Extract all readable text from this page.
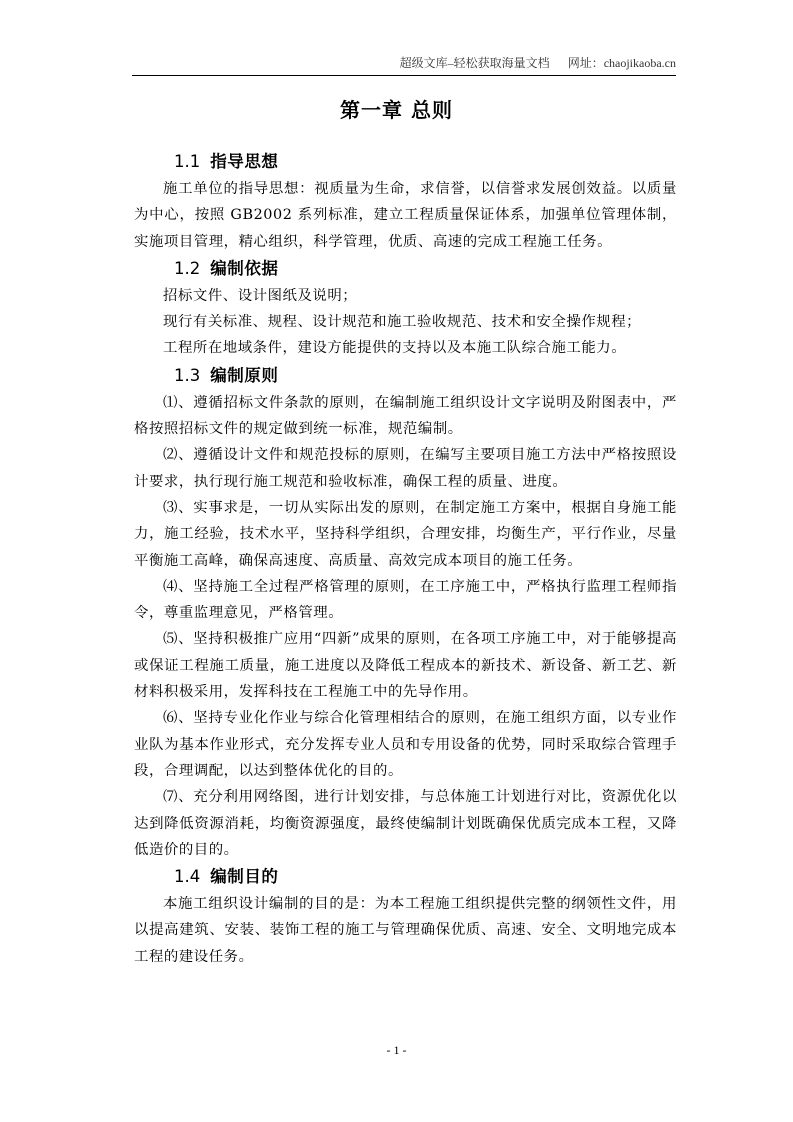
超级文库–轻松获取海量文档 网址：chaojikaoba.cn
第一章 总则
1.1 指导思想

施工单位的指导思想：视质量为生命，求信誉，以信誉求发展创效益。以质量为中心，按照 GB2002 系列标准，建立工程质量保证体系，加强单位管理体制，实施项目管理，精心组织，科学管理，优质、高速的完成工程施工任务。

1.2 编制依据

招标文件、设计图纸及说明；

现行有关标准、规程、设计规范和施工验收规范、技术和安全操作规程；

工程所在地域条件，建设方能提供的支持以及本施工队综合施工能力。

1.3 编制原则

⑴、遵循招标文件条款的原则，在编制施工组织设计文字说明及附图表中，严格按照招标文件的规定做到统一标准，规范编制。

⑵、遵循设计文件和规范投标的原则，在编写主要项目施工方法中严格按照设计要求，执行现行施工规范和验收标准，确保工程的质量、进度。

⑶、实事求是，一切从实际出发的原则，在制定施工方案中，根据自身施工能力，施工经验，技术水平，坚持科学组织，合理安排，均衡生产，平行作业，尽量平衡施工高峰，确保高速度、高质量、高效完成本项目的施工任务。

⑷、坚持施工全过程严格管理的原则，在工序施工中，严格执行监理工程师指令，尊重监理意见，严格管理。

⑸、坚持积极推广应用“四新”成果的原则，在各项工序施工中，对于能够提高或保证工程施工质量，施工进度以及降低工程成本的新技术、新设备、新工艺、新材料积极采用，发挥科技在工程施工中的先导作用。

⑹、坚持专业化作业与综合化管理相结合的原则，在施工组织方面，以专业作业队为基本作业形式，充分发挥专业人员和专用设备的优势，同时采取综合管理手段，合理调配，以达到整体优化的目的。

⑺、充分利用网络图，进行计划安排，与总体施工计划进行对比，资源优化以达到降低资源消耗，均衡资源强度，最终使编制计划既确保优质完成本工程，又降低造价的目的。

1.4 编制目的

本施工组织设计编制的目的是：为本工程施工组织提供完整的纲领性文件，用以提高建筑、安装、装饰工程的施工与管理确保优质、高速、安全、文明地完成本工程的建设任务。

- 1 -
